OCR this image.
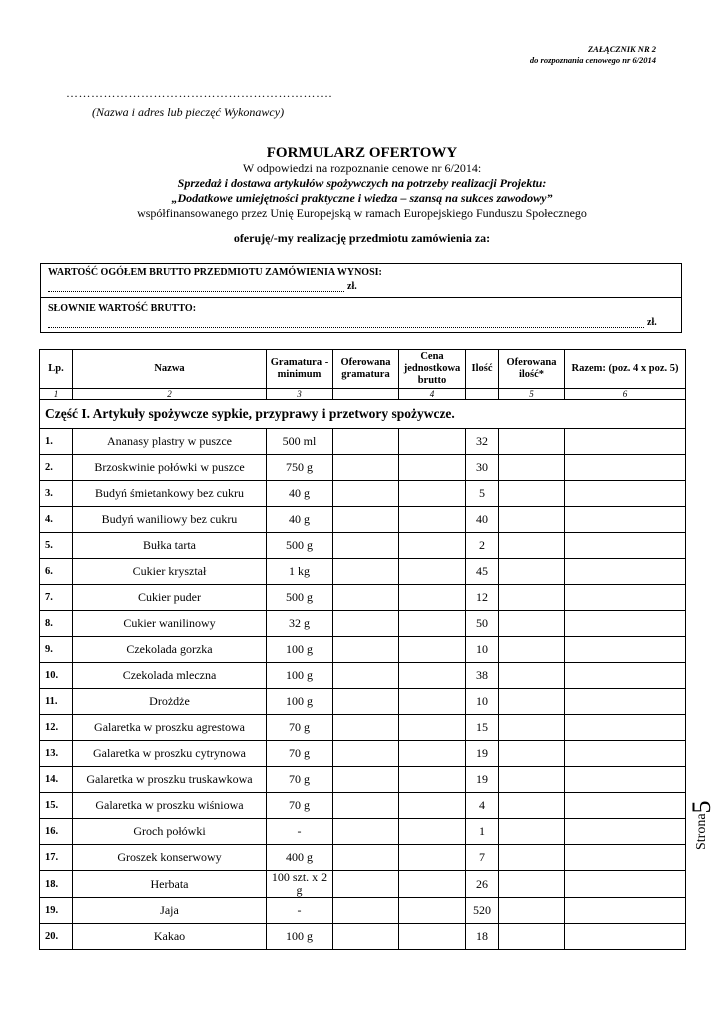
ZAŁĄCZNIK NR 2
do rozpoznania cenowego nr 6/2014
……………………………………………………….
(Nazwa i adres lub pieczęć Wykonawcy)
FORMULARZ OFERTOWY
W odpowiedzi na rozpoznanie cenowe nr 6/2014:
Sprzedaż i dostawa artykułów spożywczych na potrzeby realizacji Projektu:
„Dodatkowe umiejętności praktyczne i wiedza – szansą na sukces zawodowy”
współfinansowanego przez Unię Europejską w ramach Europejskiego Funduszu Społecznego
oferuję/-my realizację przedmiotu zamówienia za:
WARTOŚĆ OGÓŁEM BRUTTO PRZEDMIOTU ZAMÓWIENIA WYNOSI:
zł.
SŁOWNIE WARTOŚĆ BRUTTO:
zł.
Lp.	Nazwa	Gramatura - minimum	Oferowana gramatura	Cena jednostkowa brutto	Ilość	Oferowana ilość*	Razem: (poz. 4 x poz. 5)
1	2	3		4		5	6
Część I. Artykuły spożywcze sypkie, przyprawy i przetwory spożywcze.							
1.	Ananasy plastry w puszce	500 ml			32		
2.	Brzoskwinie połówki w puszce	750 g			30		
3.	Budyń śmietankowy bez cukru	40 g			5		
4.	Budyń waniliowy bez cukru	40 g			40		
5.	Bułka tarta	500 g			2		
6.	Cukier kryształ	1 kg			45		
7.	Cukier puder	500 g			12		
8.	Cukier wanilinowy	32 g			50		
9.	Czekolada gorzka	100 g			10		
10.	Czekolada mleczna	100 g			38		
11.	Drożdże	100 g			10		
12.	Galaretka w proszku agrestowa	70 g			15		
13.	Galaretka w proszku cytrynowa	70 g			19		
14.	Galaretka w proszku truskawkowa	70 g			19		
15.	Galaretka w proszku wiśniowa	70 g			4		
16.	Groch połówki	-			1		
17.	Groszek konserwowy	400 g			7		
18.	Herbata	100 szt. x 2 g			26		
19.	Jaja	-			520		
20.	Kakao	100 g			18		
Strona
5
